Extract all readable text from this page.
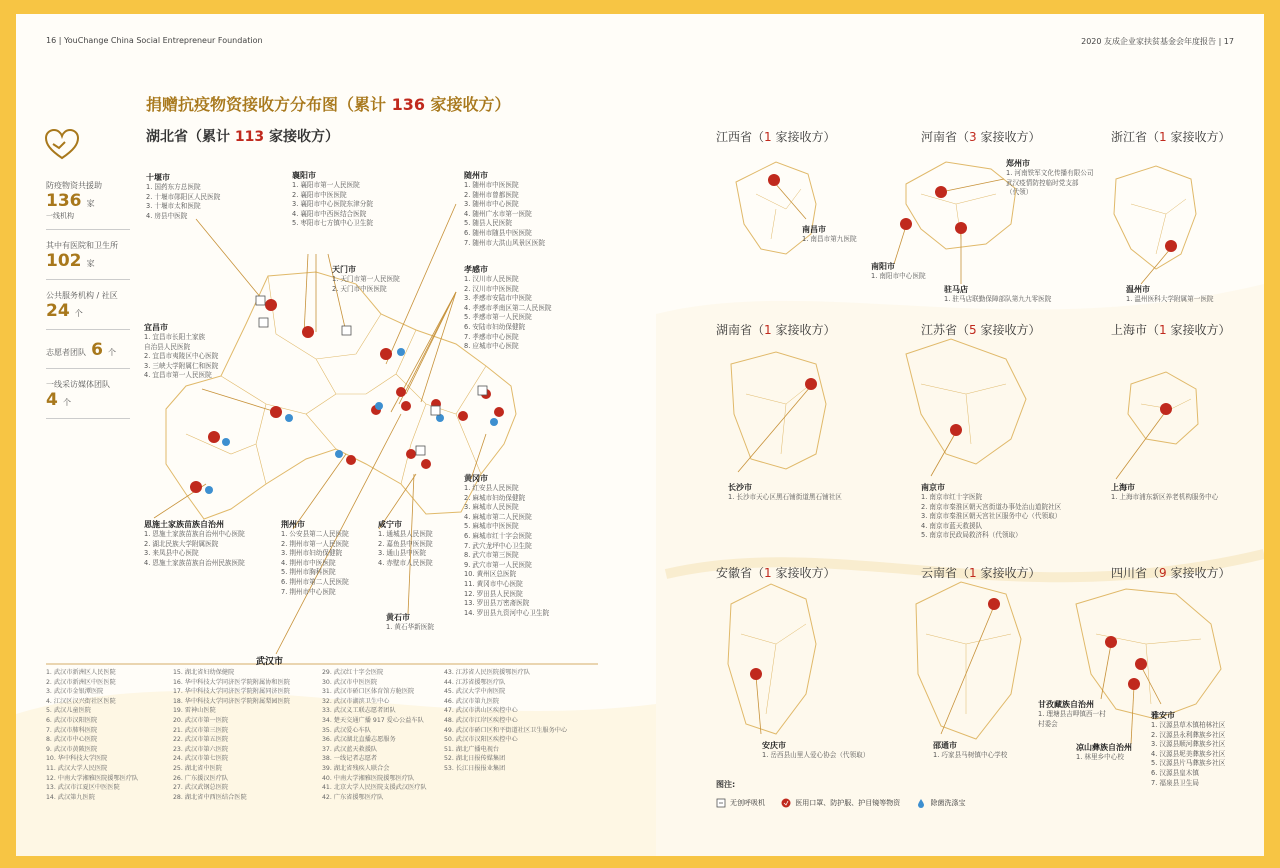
16 | YouChange China Social Entrepreneur Foundation	2020 友成企业家扶贫基金会年度报告 | 17
捐赠抗疫物资接收方分布图（累计 136 家接收方）
湖北省（累计 113 家接收方）
防疫物资共援助
136 家
一线机构
其中有医院和卫生所
102 家
公共服务机构 / 社区
24 个
志愿者团队 6 个
一线采访媒体团队
4 个
十堰市
1. 国药东方总医院
2. 十堰市郧阳区人民医院
3. 十堰市太和医院
4. 房县中医院
襄阳市
1. 襄阳市第一人民医院
2. 襄阳市中医医院
3. 襄阳市中心医院东津分院
4. 襄阳市中西医结合医院
5. 枣阳市七方镇中心卫生院
随州市
1. 随州市中医医院
2. 随州市曾都医院
3. 随州市中心医院
4. 随州广水市第一医院
5. 随县人民医院
6. 随州市随县中医医院
7. 随州市大洪山风景区医院
天门市
1. 天门市第一人民医院
2. 天门市中医医院
孝感市
1. 汉川市人民医院
2. 汉川市中医医院
3. 孝感市安陆市中医院
4. 孝感市孝南区第二人民医院
5. 孝感市第一人民医院
6. 安陆市妇幼保健院
7. 孝感市中心医院
8. 应城市中心医院
宜昌市
1. 宜昌市长阳土家族
自治县人民医院
2. 宜昌市夷陵区中心医院
3. 三峡大学附属仁和医院
4. 宜昌市第一人民医院
恩施土家族苗族自治州
1. 恩施土家族苗族自治州中心医院
2. 湖北民族大学附属医院
3. 来凤县中心医院
4. 恩施土家族苗族自治州民族医院
荆州市
1. 公安县第二人民医院
2. 荆州市第一人民医院
3. 荆州市妇幼保健院
4. 荆州市中医医院
5. 荆州市胸科医院
6. 荆州市第二人民医院
7. 荆州市中心医院
咸宁市
1. 通城县人民医院
2. 嘉鱼县中医医院
3. 通山县中医院
4. 赤壁市人民医院
黄冈市
1. 红安县人民医院
2. 麻城市妇幼保健院
3. 麻城市人民医院
4. 麻城市第二人民医院
5. 麻城市中医医院
6. 麻城市红十字会医院
7. 武穴龙坪中心卫生院
8. 武穴市第三医院
9. 武穴市第一人民医院
10. 黄州区总医院
11. 黄冈市中心医院
12. 罗田县人民医院
13. 罗田县万密斋医院
14. 罗田县九资河中心卫生院
黄石市
1. 黄石华新医院
武汉市
1. 武汉市新洲区人民医院
2. 武汉市新洲区中医医院
3. 武汉市金银潭医院
4. 江汉区汉兴街社区医院
5. 武汉儿童医院
6. 武汉市汉阳医院
7. 武汉市肺科医院
8. 武汉市中心医院
9. 武汉市黄陂医院
10. 华中科技大学医院
11. 武汉大学人民医院
12. 中南大学湘雅医院援鄂医疗队
13. 武汉市江夏区中医医院
14. 武汉第九医院
15. 湖北省妇幼保健院
16. 华中科技大学同济医学院附属协和医院
17. 华中科技大学同济医学院附属同济医院
18. 华中科技大学同济医学院附属梨园医院
19. 雷神山医院
20. 武汉市第一医院
21. 武汉市第三医院
22. 武汉市第五医院
23. 武汉市第六医院
24. 武汉市第七医院
25. 湖北省中医院
26. 广东援汉医疗队
27. 武汉武钢总医院
28. 湖北省中西医结合医院
29. 武汉红十字会医院
30. 武汉市中医医院
31. 武汉市硚口区体育馆方舱医院
32. 武汉市湖滨卫生中心
33. 武汉义工联志愿者团队
34. 楚天交通广播 917 爱心公益车队
35. 武汉爱心车队
36. 武汉湖北直播志愿服务
37. 武汉蓝天救援队
38. 一线记者志愿者
39. 湖北省残疾人联合会
40. 中南大学湘雅医院援鄂医疗队
41. 北京大学人民医院支援武汉医疗队
42. 广东省援鄂医疗队
43. 江苏省人民医院援鄂医疗队
44. 江苏省援鄂医疗队
45. 武汉大学中南医院
46. 武汉市第九医院
47. 武汉市洪山区疾控中心
48. 武汉市江岸区疾控中心
49. 武汉市硚口区和平街道社区卫生服务中心
50. 武汉市汉阳区疾控中心
51. 湖北广播电视台
52. 湖北日报传媒集团
53. 长江日报报业集团
江西省（1 家接收方）	河南省（3 家接收方）	浙江省（1 家接收方）
湖南省（1 家接收方）	江苏省（5 家接收方）	上海市（1 家接收方）
安徽省（1 家接收方）	云南省（1 家接收方）	四川省（9 家接收方）
南昌市
1. 南昌市第九医院
郑州市
1. 河南铁军文化传播有限公司
武汉疫情防控临时党支部
（代领）
南阳市
1. 南阳市中心医院
驻马店
1. 驻马店联勤保障部队第九九零医院
温州市
1. 温州医科大学附属第一医院
长沙市
1. 长沙市天心区黑石铺街道黑石铺社区
南京市
1. 南京市红十字医院
2. 南京市秦淮区朝天宫街道办事处治山道院社区
3. 南京市秦淮区朝天宫社区服务中心（代领取）
4. 南京市蓝天救援队
5. 南京市民政局救济科（代领取）
上海市
1. 上海市浦东新区养老机构服务中心
安庆市
1. 岳西县山里人爱心协会（代领取）
邵通市
1. 巧家县马树镇中心学校
甘孜藏族自治州
1. 理塘县吉呷镇西一村
村委会
凉山彝族自治州
1. 林里乡中心校
雅安市
1. 汉源县草木镇柏林社区
2. 汉源县永利彝族乡社区
3. 汉源县顺河彝族乡社区
4. 汉源县坭美彝族乡社区
5. 汉源县片马彝族乡社区
6. 汉源县皇木镇
7. 福泉县卫生局
图注:
无创呼吸机
	医用口罩、防护服、护目镜等物资
	除菌洗涤宝
